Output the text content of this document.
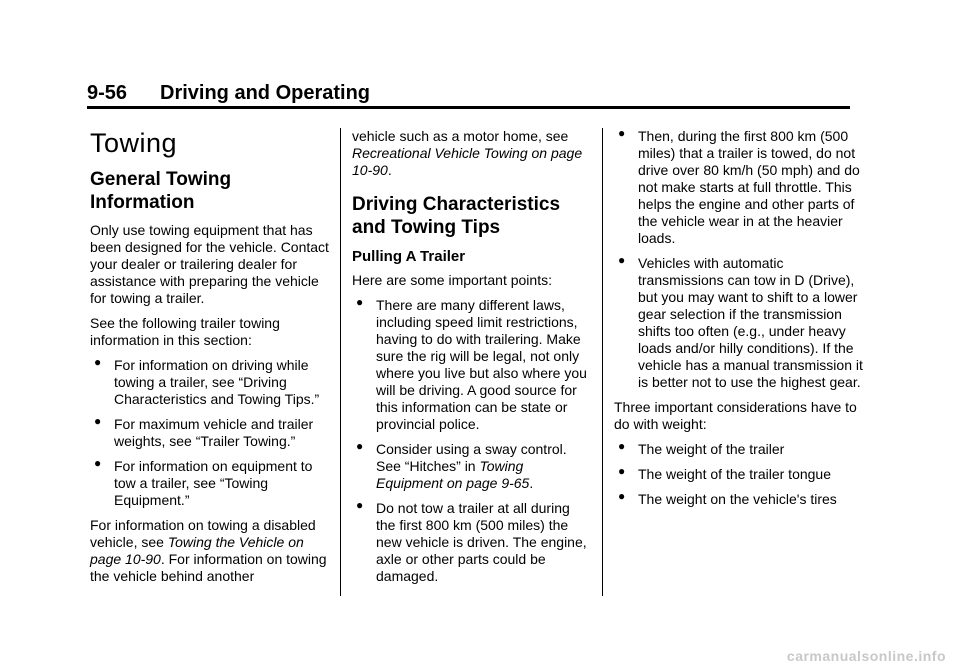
9-56 Driving and Operating
Towing
General Towing Information

Only use towing equipment that has been designed for the vehicle. Contact your dealer or trailering dealer for assistance with preparing the vehicle for towing a trailer.

See the following trailer towing information in this section:

● For information on driving while towing a trailer, see “Driving Characteristics and Towing Tips.”
● For maximum vehicle and trailer weights, see “Trailer Towing.”
● For information on equipment to tow a trailer, see “Towing Equipment.”

For information on towing a disabled vehicle, see Towing the Vehicle on page 10-90. For information on towing the vehicle behind another

vehicle such as a motor home, see Recreational Vehicle Towing on page 10-90.

Driving Characteristics and Towing Tips
Pulling A Trailer

Here are some important points:

● There are many different laws, including speed limit restrictions, having to do with trailering. Make sure the rig will be legal, not only where you live but also where you will be driving. A good source for this information can be state or provincial police.
● Consider using a sway control. See “Hitches” in Towing Equipment on page 9-65.
● Do not tow a trailer at all during the first 800 km (500 miles) the new vehicle is driven. The engine, axle or other parts could be damaged.
● Then, during the first 800 km (500 miles) that a trailer is towed, do not drive over 80 km/h (50 mph) and do not make starts at full throttle. This helps the engine and other parts of the vehicle wear in at the heavier loads.
● Vehicles with automatic transmissions can tow in D (Drive), but you may want to shift to a lower gear selection if the transmission shifts too often (e.g., under heavy loads and/or hilly conditions). If the vehicle has a manual transmission it is better not to use the highest gear.

Three important considerations have to do with weight:

● The weight of the trailer
● The weight of the trailer tongue
● The weight on the vehicle's tires
carmanualsonline.info
